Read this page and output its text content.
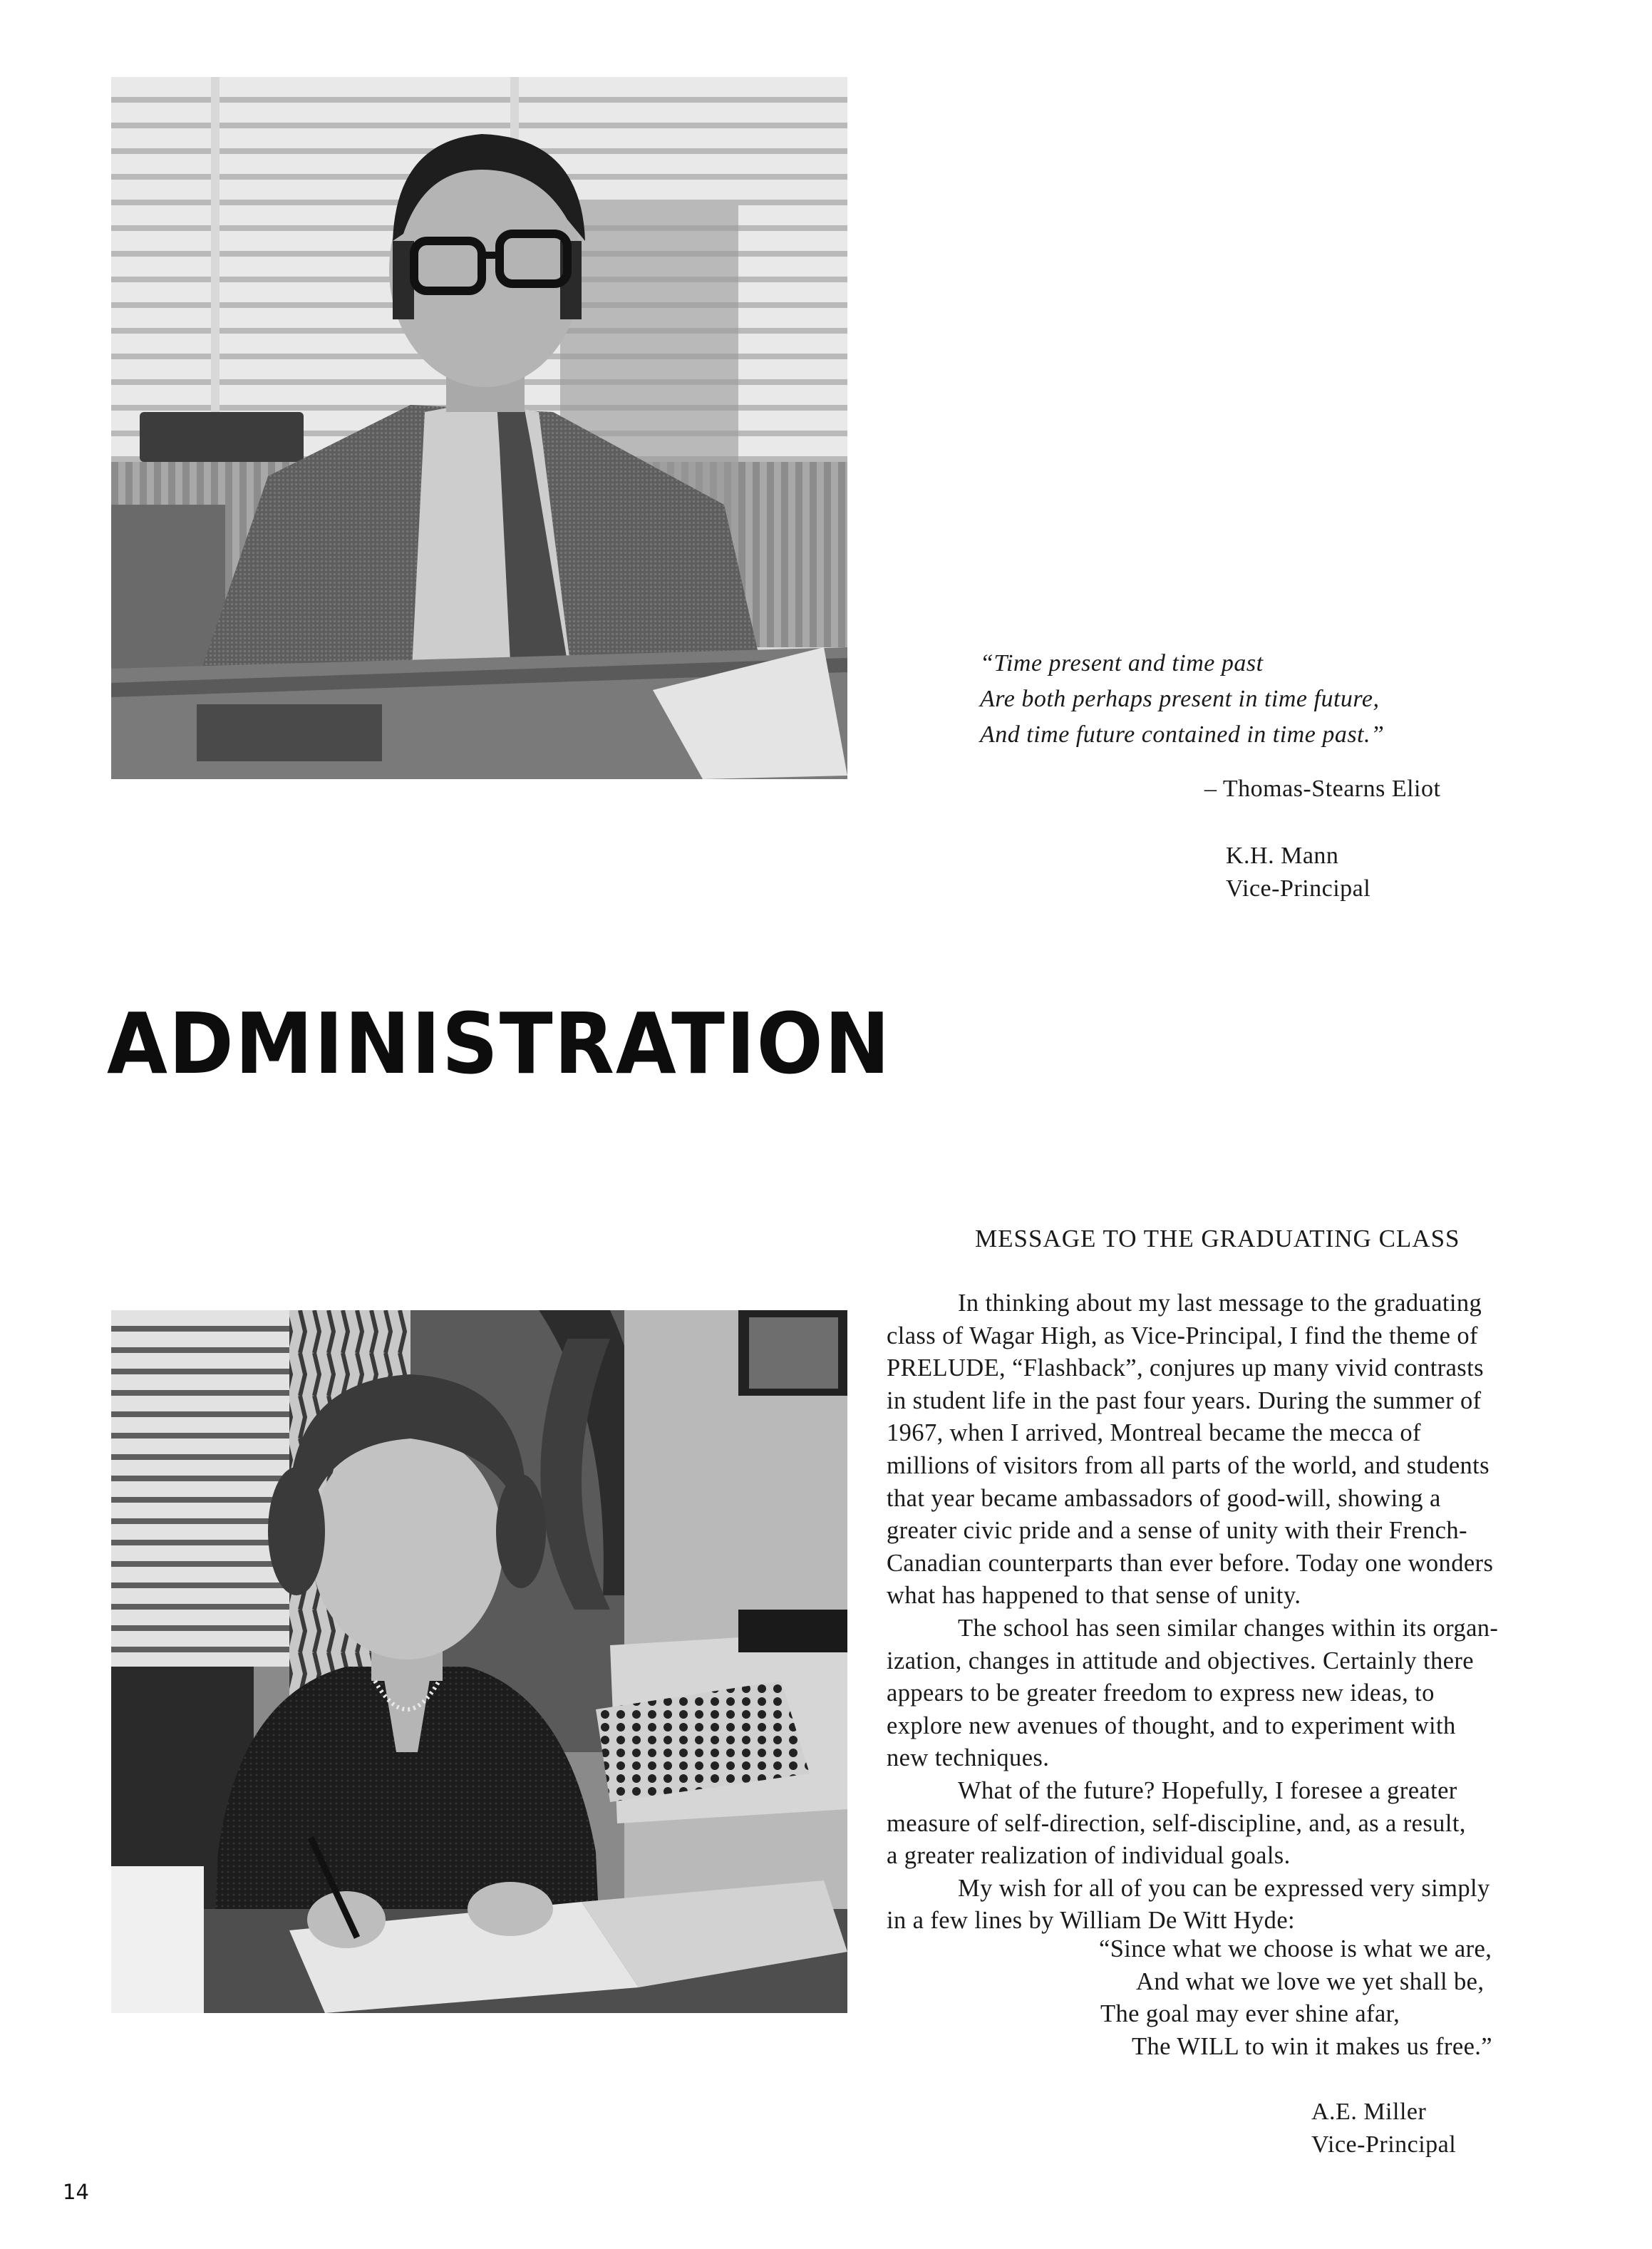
“Time present and time past
Are both perhaps present in time future,
And time future contained in time past.”
– Thomas-Stearns Eliot
K.H. Mann
Vice-Principal
ADMINISTRATION
MESSAGE TO THE GRADUATING CLASS
In thinking about my last message to the graduating
class of Wagar High, as Vice-Principal, I find the theme of
PRELUDE, “Flashback”, conjures up many vivid contrasts
in student life in the past four years. During the summer of
1967, when I arrived, Montreal became the mecca of
millions of visitors from all parts of the world, and students
that year became ambassadors of good-will, showing a
greater civic pride and a sense of unity with their French-
Canadian counterparts than ever before. Today one wonders
what has happened to that sense of unity.
The school has seen similar changes within its organ-
ization, changes in attitude and objectives. Certainly there
appears to be greater freedom to express new ideas, to
explore new avenues of thought, and to experiment with
new techniques.
What of the future? Hopefully, I foresee a greater
measure of self-direction, self-discipline, and, as a result,
a greater realization of individual goals.
My wish for all of you can be expressed very simply
in a few lines by William De Witt Hyde:
“Since what we choose is what we are,
And what we love we yet shall be,
The goal may ever shine afar,
The WILL to win it makes us free.”
A.E. Miller
Vice-Principal
14
